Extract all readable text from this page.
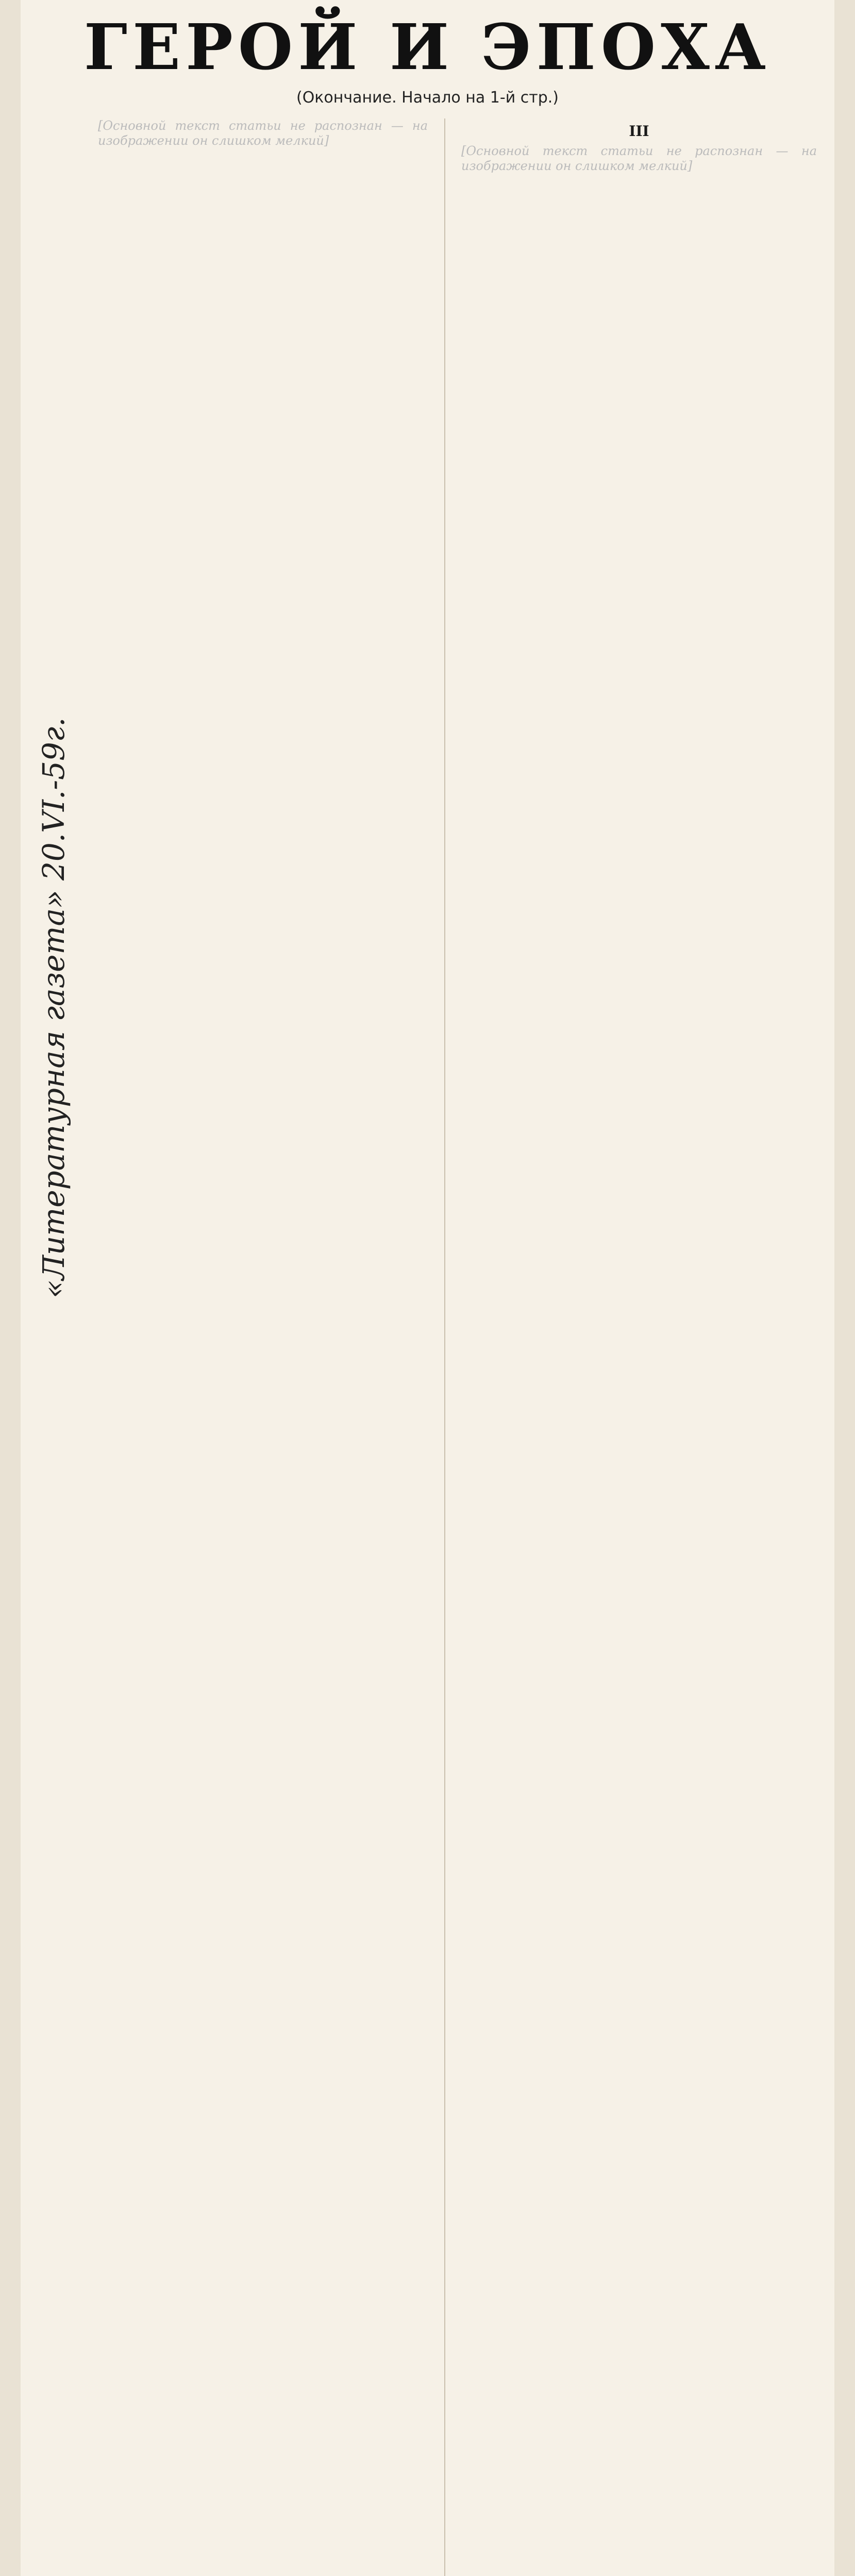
ГЕРОЙ И ЭПОХА
(Окончание. Начало на 1-й стр.)
«Литературная газета» 20.VI.-59г.
[Основной текст статьи не распознан — на изображении он слишком мелкий]
III
[Основной текст статьи не распознан — на изображении он слишком мелкий]
